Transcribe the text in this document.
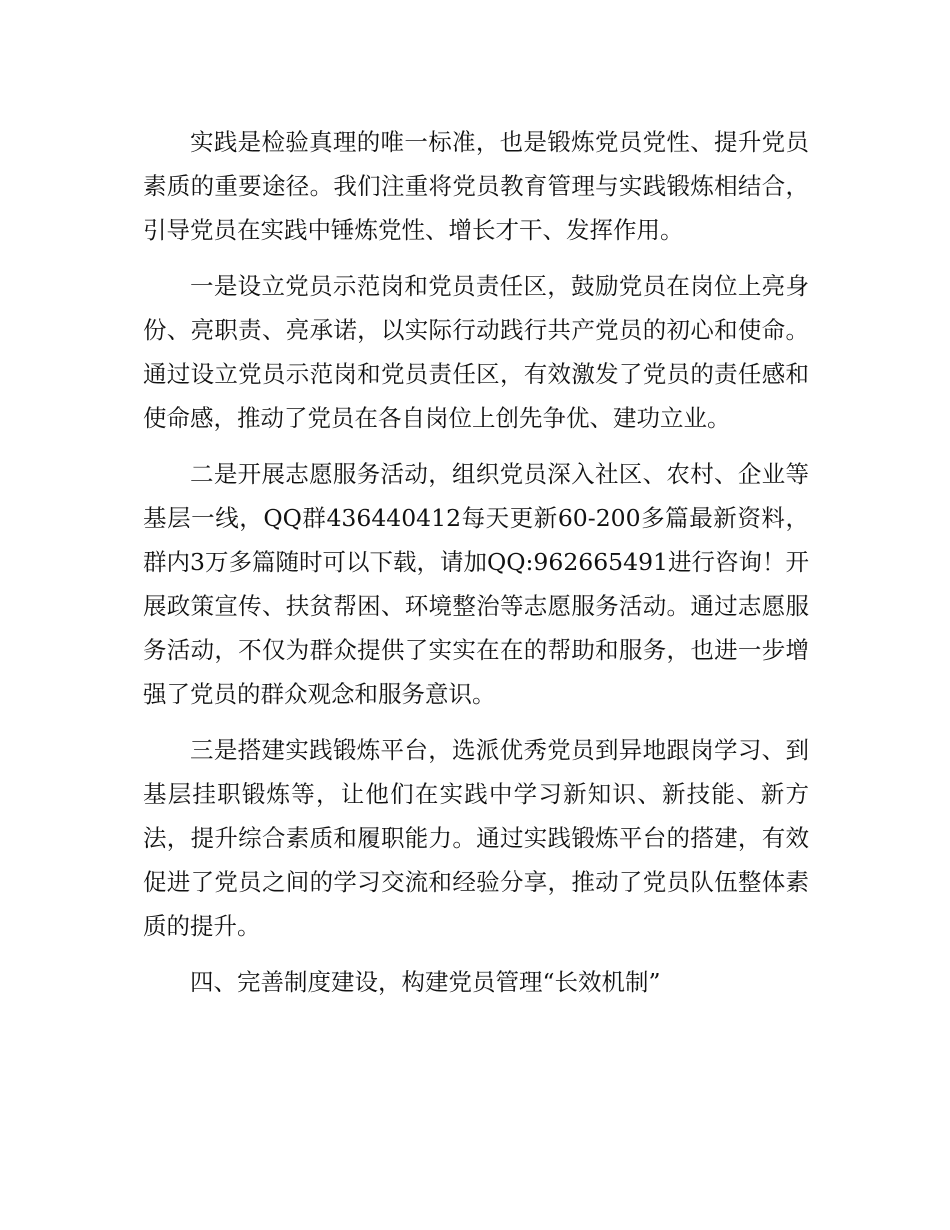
实践是检验真理的唯一标准，也是锻炼党员党性、提升党员素质的重要途径。我们注重将党员教育管理与实践锻炼相结合，引导党员在实践中锤炼党性、增长才干、发挥作用。

一是设立党员示范岗和党员责任区，鼓励党员在岗位上亮身份、亮职责、亮承诺，以实际行动践行共产党员的初心和使命。通过设立党员示范岗和党员责任区，有效激发了党员的责任感和使命感，推动了党员在各自岗位上创先争优、建功立业。

二是开展志愿服务活动，组织党员深入社区、农村、企业等基层一线，QQ群436440412每天更新60-200多篇最新资料，群内3万多篇随时可以下载，请加QQ:962665491进行咨询！开展政策宣传、扶贫帮困、环境整治等志愿服务活动。通过志愿服务活动，不仅为群众提供了实实在在的帮助和服务，也进一步增强了党员的群众观念和服务意识。

三是搭建实践锻炼平台，选派优秀党员到异地跟岗学习、到基层挂职锻炼等，让他们在实践中学习新知识、新技能、新方法，提升综合素质和履职能力。通过实践锻炼平台的搭建，有效促进了党员之间的学习交流和经验分享，推动了党员队伍整体素质的提升。

四、完善制度建设，构建党员管理“长效机制”
